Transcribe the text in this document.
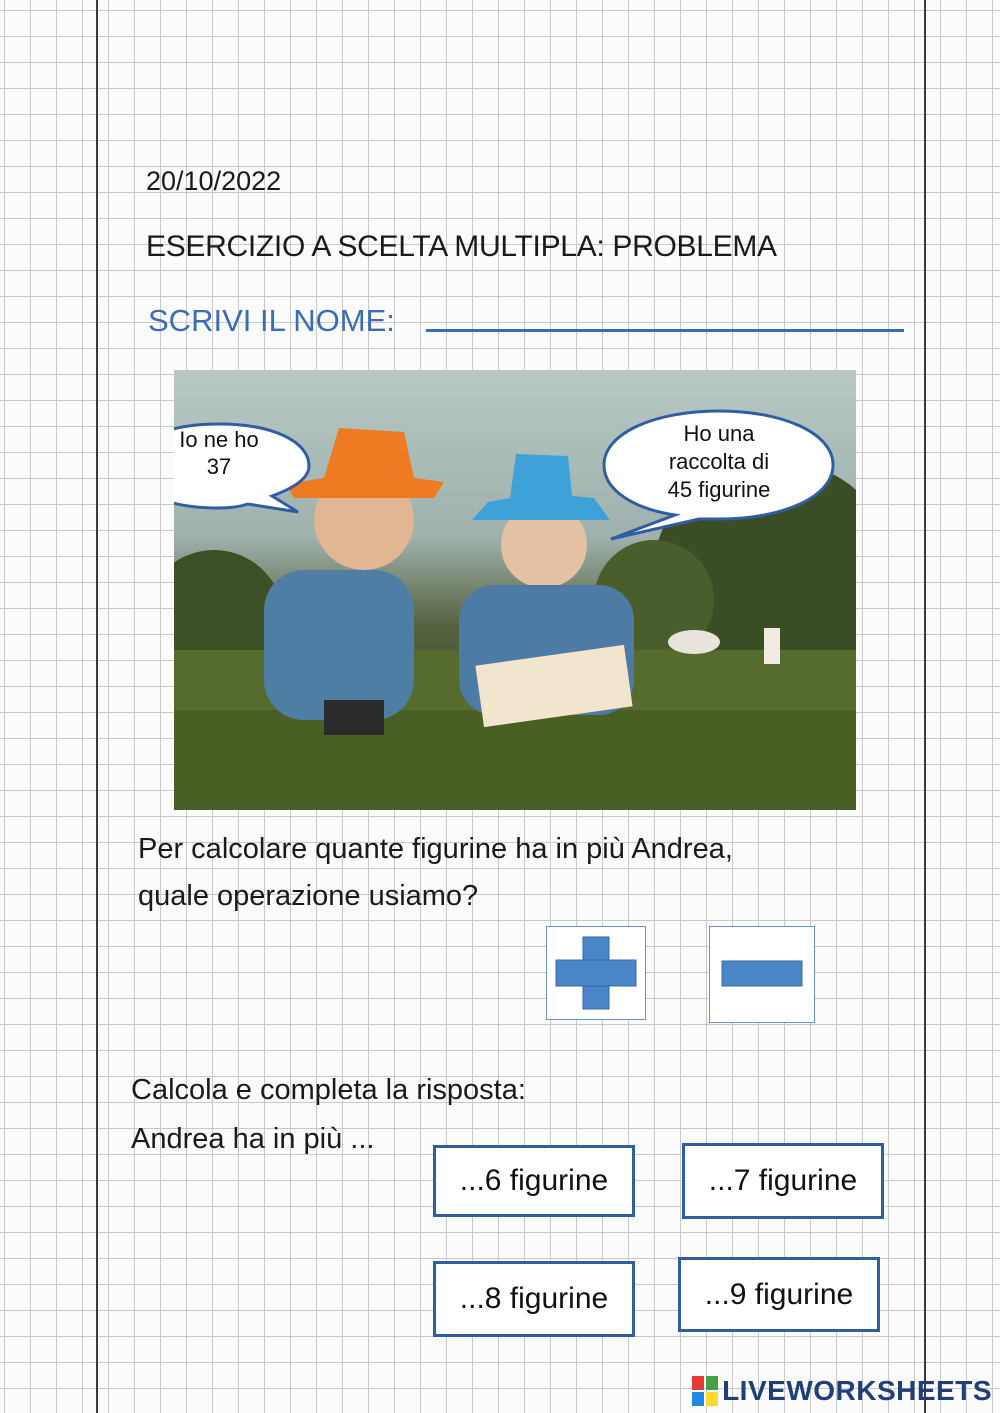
20/10/2022
ESERCIZIO A SCELTA MULTIPLA: PROBLEMA
SCRIVI IL NOME:
Io ne ho
37
Ho una
raccolta di
45 figurine
Per calcolare quante figurine ha in più Andrea,
quale operazione usiamo?
Calcola e completa la risposta:
Andrea ha in più ...
...6 figurine	...7 figurine
...8 figurine	...9 figurine
LIVEWORKSHEETS
